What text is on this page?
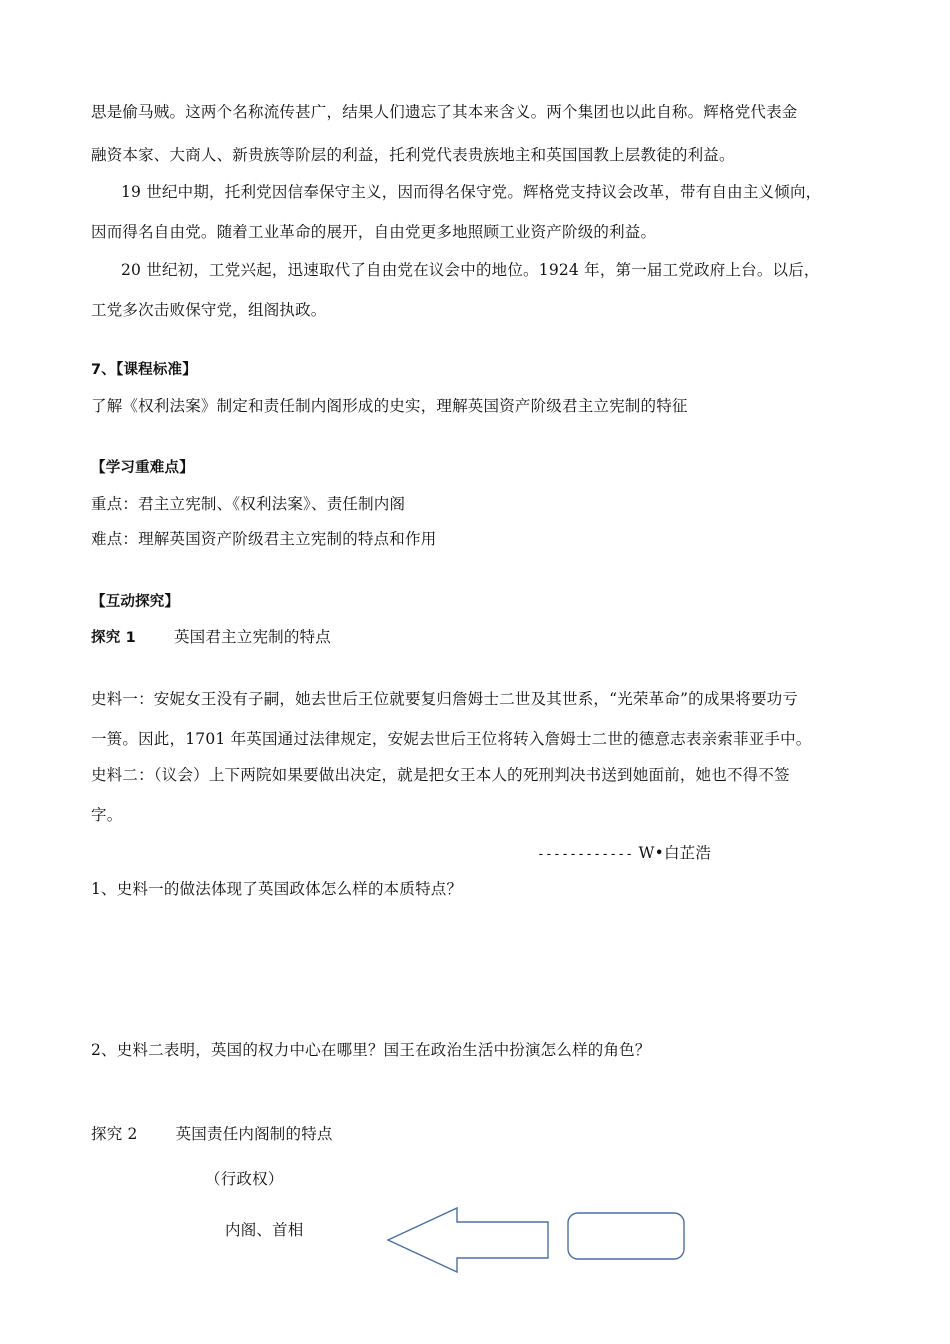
思是偷马贼。这两个名称流传甚广，结果人们遗忘了其本来含义。两个集团也以此自称。辉格党代表金
融资本家、大商人、新贵族等阶层的利益，托利党代表贵族地主和英国国教上层教徒的利益。
19 世纪中期，托利党因信奉保守主义，因而得名保守党。辉格党支持议会改革，带有自由主义倾向，
因而得名自由党。随着工业革命的展开，自由党更多地照顾工业资产阶级的利益。
20 世纪初，工党兴起，迅速取代了自由党在议会中的地位。1924 年，第一届工党政府上台。以后，
工党多次击败保守党，组阁执政。
7、【课程标准】
了解《权利法案》制定和责任制内阁形成的史实，理解英国资产阶级君主立宪制的特征
【学习重难点】
重点：君主立宪制、《权利法案》、责任制内阁
难点：理解英国资产阶级君主立宪制的特点和作用
【互动探究】
探究 1 英国君主立宪制的特点
史料一：安妮女王没有子嗣，她去世后王位就要复归詹姆士二世及其世系，“光荣革命”的成果将要功亏
一篑。因此，1701 年英国通过法律规定，安妮去世后王位将转入詹姆士二世的德意志表亲索菲亚手中。
史料二：（议会）上下两院如果要做出决定，就是把女王本人的死刑判决书送到她面前，她也不得不签
字。
------------ W•白芷浩
1、史料一的做法体现了英国政体怎么样的本质特点？
2、史料二表明，英国的权力中心在哪里？国王在政治生活中扮演怎么样的角色？
探究 2 英国责任内阁制的特点
（行政权）
内阁、首相
